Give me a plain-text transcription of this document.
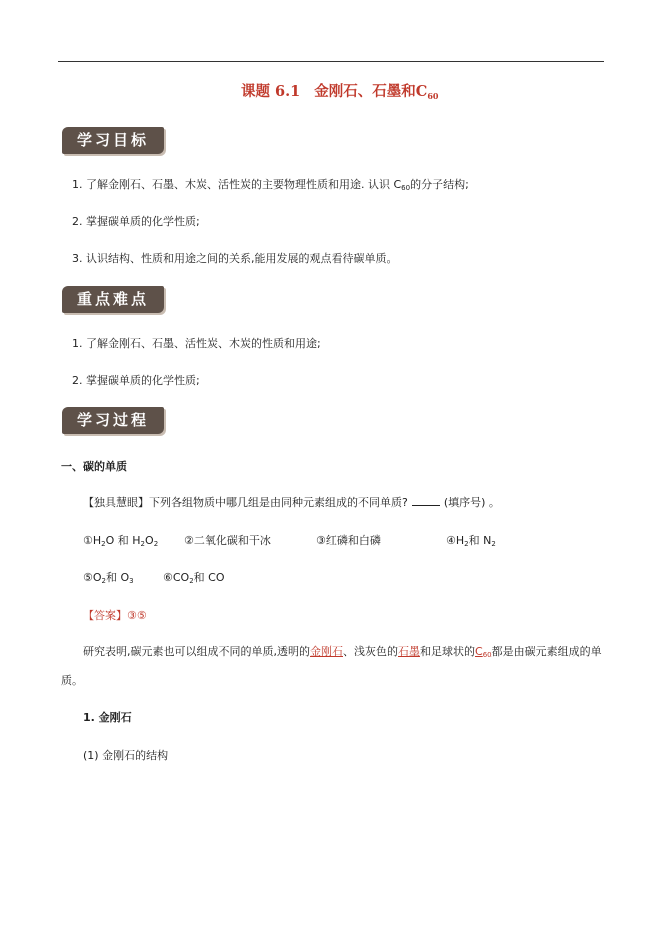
课题 6.1 金刚石、石墨和$C_{60}$
学习目标
1. 了解金刚石、石墨、木炭、活性炭的主要物理性质和用途. 认识 $C_{60}$的分子结构;
2. 掌握碳单质的化学性质;
3. 认识结构、性质和用途之间的关系,能用发展的观点看待碳单质。
重点难点
1. 了解金刚石、石墨、活性炭、木炭的性质和用途;
2. 掌握碳单质的化学性质;
学习过程
一、碳的单质
【独具慧眼】下列各组物质中哪几组是由同种元素组成的不同单质?	(填序号) 。
$①H_2O$ 和 $H_2O_2$ ②二氧化碳和干冰	③红磷和白磷	$④H_2$和 $N_2$
$⑤O_2$和 $O_3$	$⑥CO_2$和 CO
【答案】③⑤
研究表明,碳元素也可以组成不同的单质,透明的金刚石、浅灰色的石墨和足球状的$C_{60}$都是由碳元素组成的单质。
1. 金刚石
(1) 金刚石的结构
